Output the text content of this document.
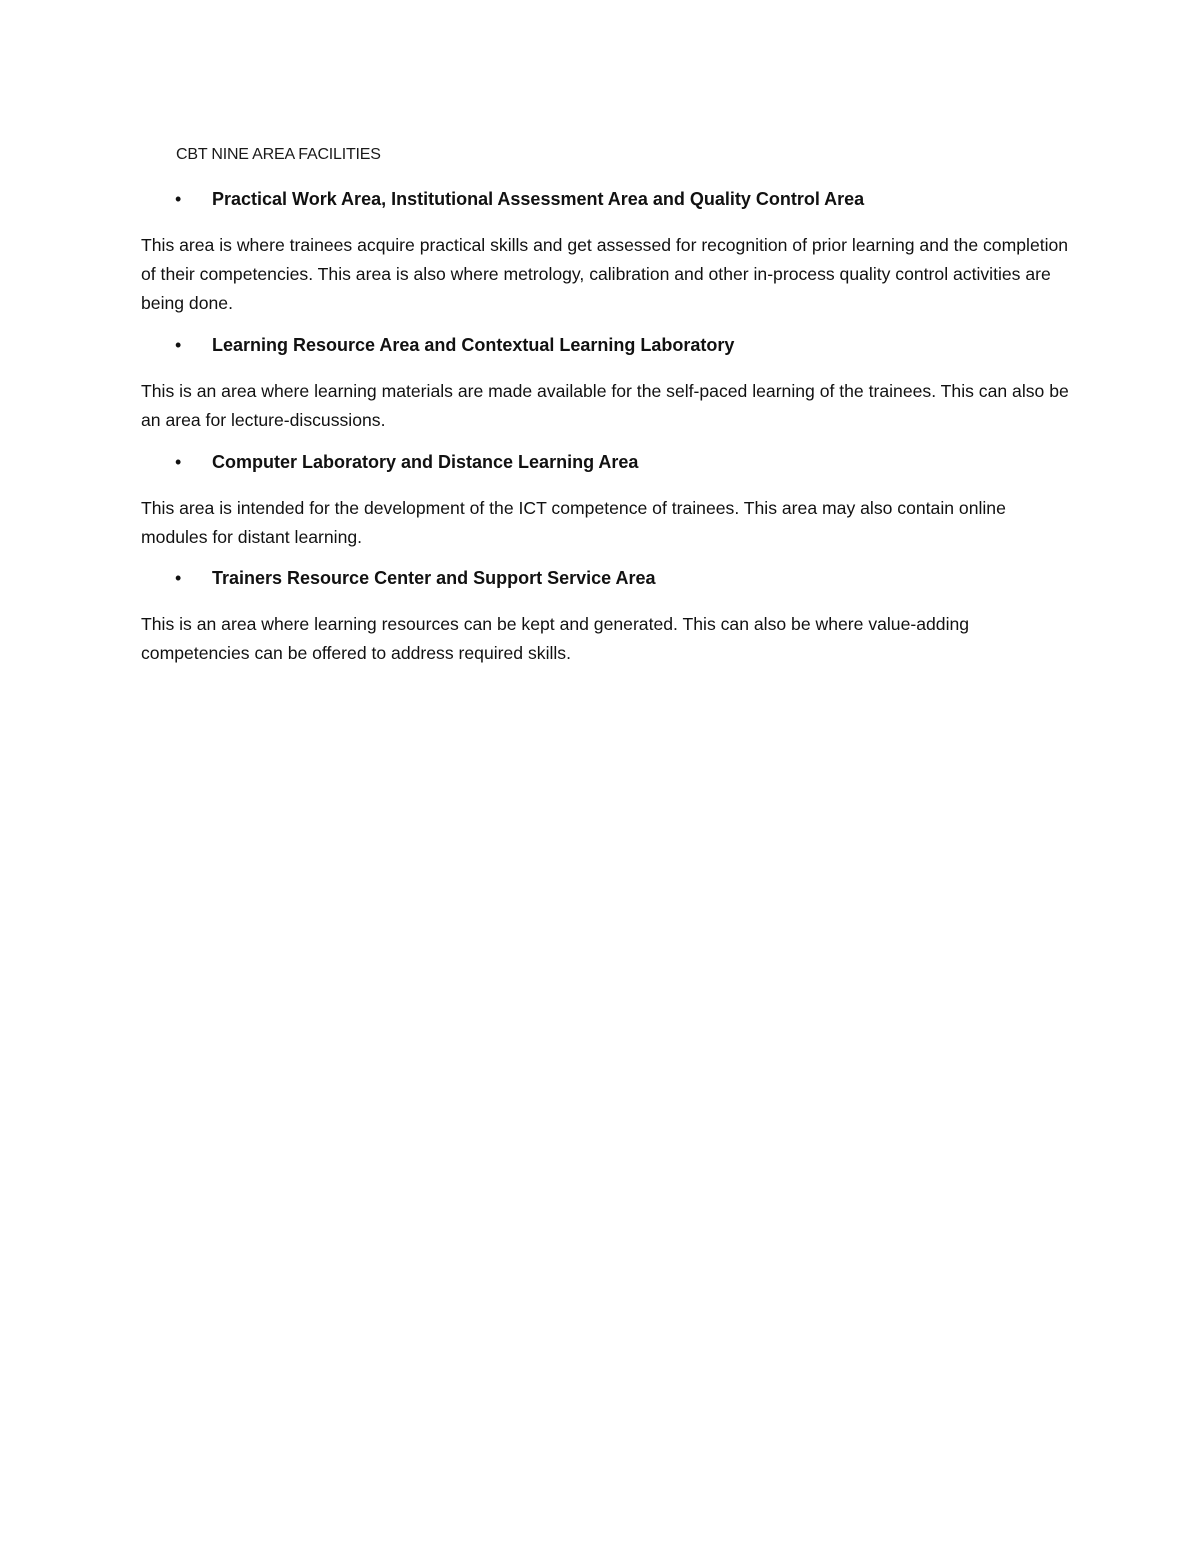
CBT NINE AREA FACILITIES
• Practical Work Area, Institutional Assessment Area and Quality Control Area
This area is where trainees acquire practical skills and get assessed for recognition of prior learning and the completion of their competencies. This area is also where metrology, calibration and other in-process quality control activities are being done.
• Learning Resource Area and Contextual Learning Laboratory
This is an area where learning materials are made available for the self-paced learning of the trainees. This can also be an area for lecture-discussions.
• Computer Laboratory and Distance Learning Area
This area is intended for the development of the ICT competence of trainees. This area may also contain online modules for distant learning.
• Trainers Resource Center and Support Service Area
This is an area where learning resources can be kept and generated. This can also be where value-adding competencies can be offered to address required skills.
